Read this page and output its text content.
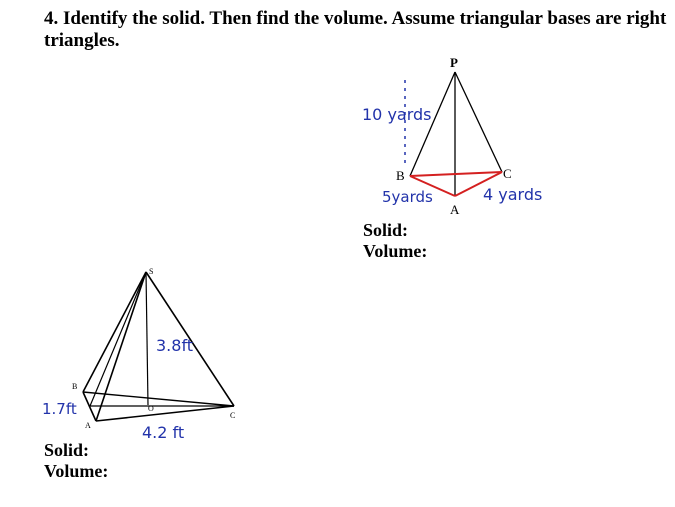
4. Identify the solid. Then find the volume. Assume triangular bases are right triangles.
P
B	C
A
10 yards
5yards	4 yards
S
B
A
C
O
3.8ft
1.7ft
4.2 ft
Solid:
Volume:
Solid:
Volume:
